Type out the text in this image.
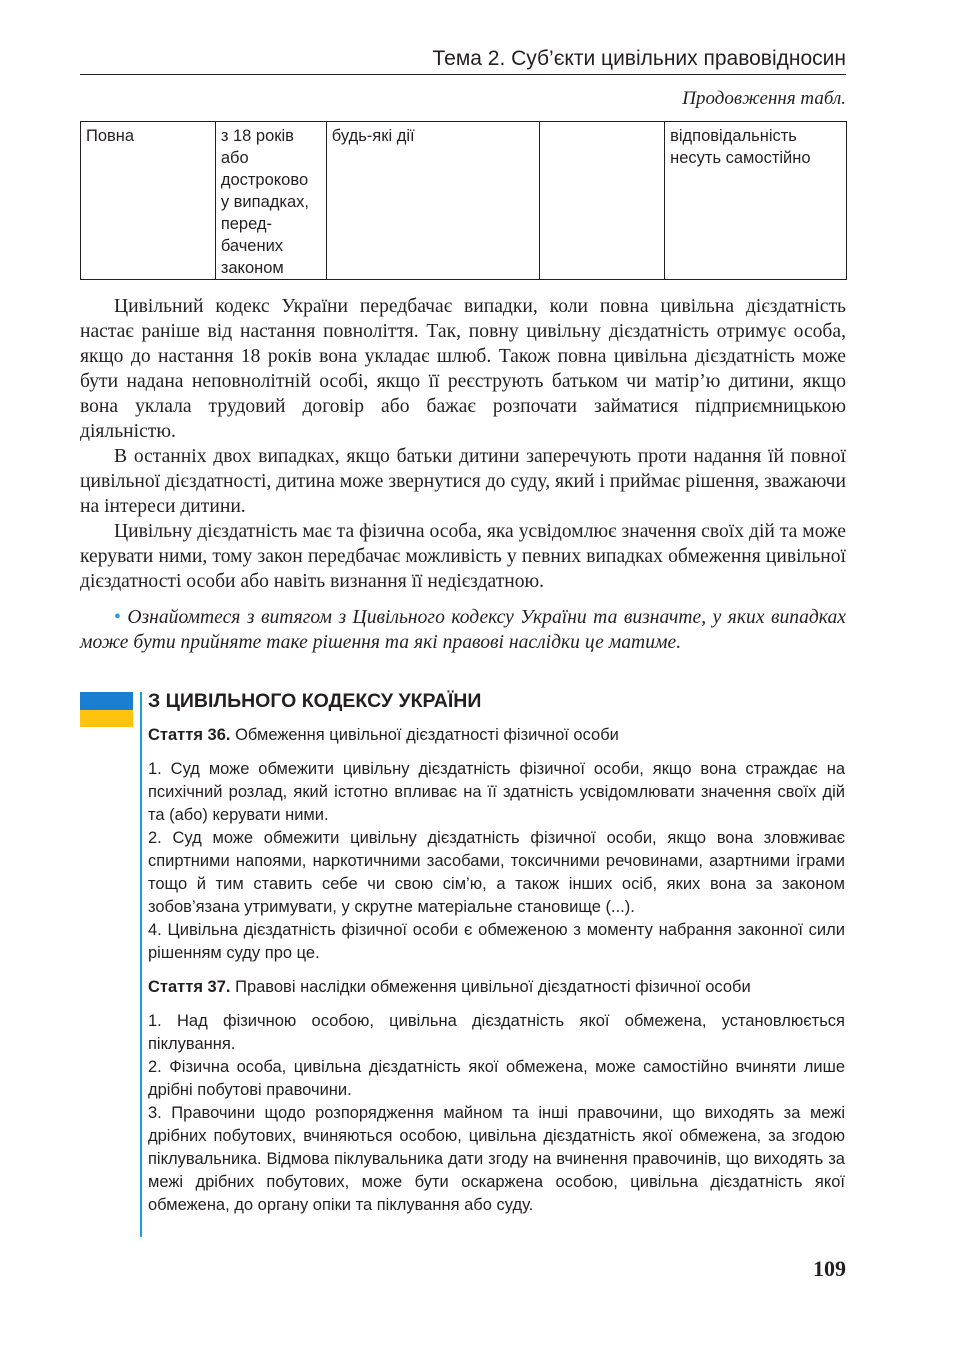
Тема 2. Суб’єкти цивільних правовідносин
Продовження табл.
Повна	з 18 років або достроково у випадках, перед-бачених законом	будь-які дії		відповідальність несуть самостійно

Цивільний кодекс України передбачає випадки, коли повна цивільна дієздатність настає раніше від настання повноліття. Так, повну цивільну дієздатність отримує особа, якщо до настання 18 років вона укладає шлюб. Також повна цивільна дієздатність може бути надана неповнолітній особі, якщо її реєструють батьком чи матір’ю дитини, якщо вона уклала трудовий договір або бажає розпочати займатися підприємницькою діяльністю.

В останніх двох випадках, якщо батьки дитини заперечують проти надання їй повної цивільної дієздатності, дитина може звернутися до суду, який і приймає рішення, зважаючи на інтереси дитини.

Цивільну дієздатність має та фізична особа, яка усвідомлює значення своїх дій та може керувати ними, тому закон передбачає можливість у певних випадках обмеження цивільної дієздатності особи або навіть визнання її недієздатною.

• Ознайомтеся з витягом з Цивільного кодексу України та визначте, у яких випадках може бути прийняте таке рішення та які правові наслідки це матиме.
З ЦИВІЛЬНОГО КОДЕКСУ УКРАЇНИ
Стаття 36. Обмеження цивільної дієздатності фізичної особи

1. Суд може обмежити цивільну дієздатність фізичної особи, якщо вона страждає на психічний розлад, який істотно впливає на її здатність усвідомлювати значення своїх дій та (або) керувати ними.

2. Суд може обмежити цивільну дієздатність фізичної особи, якщо вона зловживає спиртними напоями, наркотичними засобами, токсичними речовинами, азартними іграми тощо й тим ставить себе чи свою сім’ю, а також інших осіб, яких вона за законом зобов’язана утримувати, у скрутне матеріальне становище (...).

4. Цивільна дієздатність фізичної особи є обмеженою з моменту набрання законної сили рішенням суду про це.

Стаття 37. Правові наслідки обмеження цивільної дієздатності фізичної особи

1. Над фізичною особою, цивільна дієздатність якої обмежена, установлюється піклування.

2. Фізична особа, цивільна дієздатність якої обмежена, може самостійно вчиняти лише дрібні побутові правочини.

3. Правочини щодо розпорядження майном та інші правочини, що виходять за межі дрібних побутових, вчиняються особою, цивільна дієздатність якої обмежена, за згодою піклувальника. Відмова піклувальника дати згоду на вчинення правочинів, що виходять за межі дрібних побутових, може бути оскаржена особою, цивільна дієздатність якої обмежена, до органу опіки та піклування або суду.

109
